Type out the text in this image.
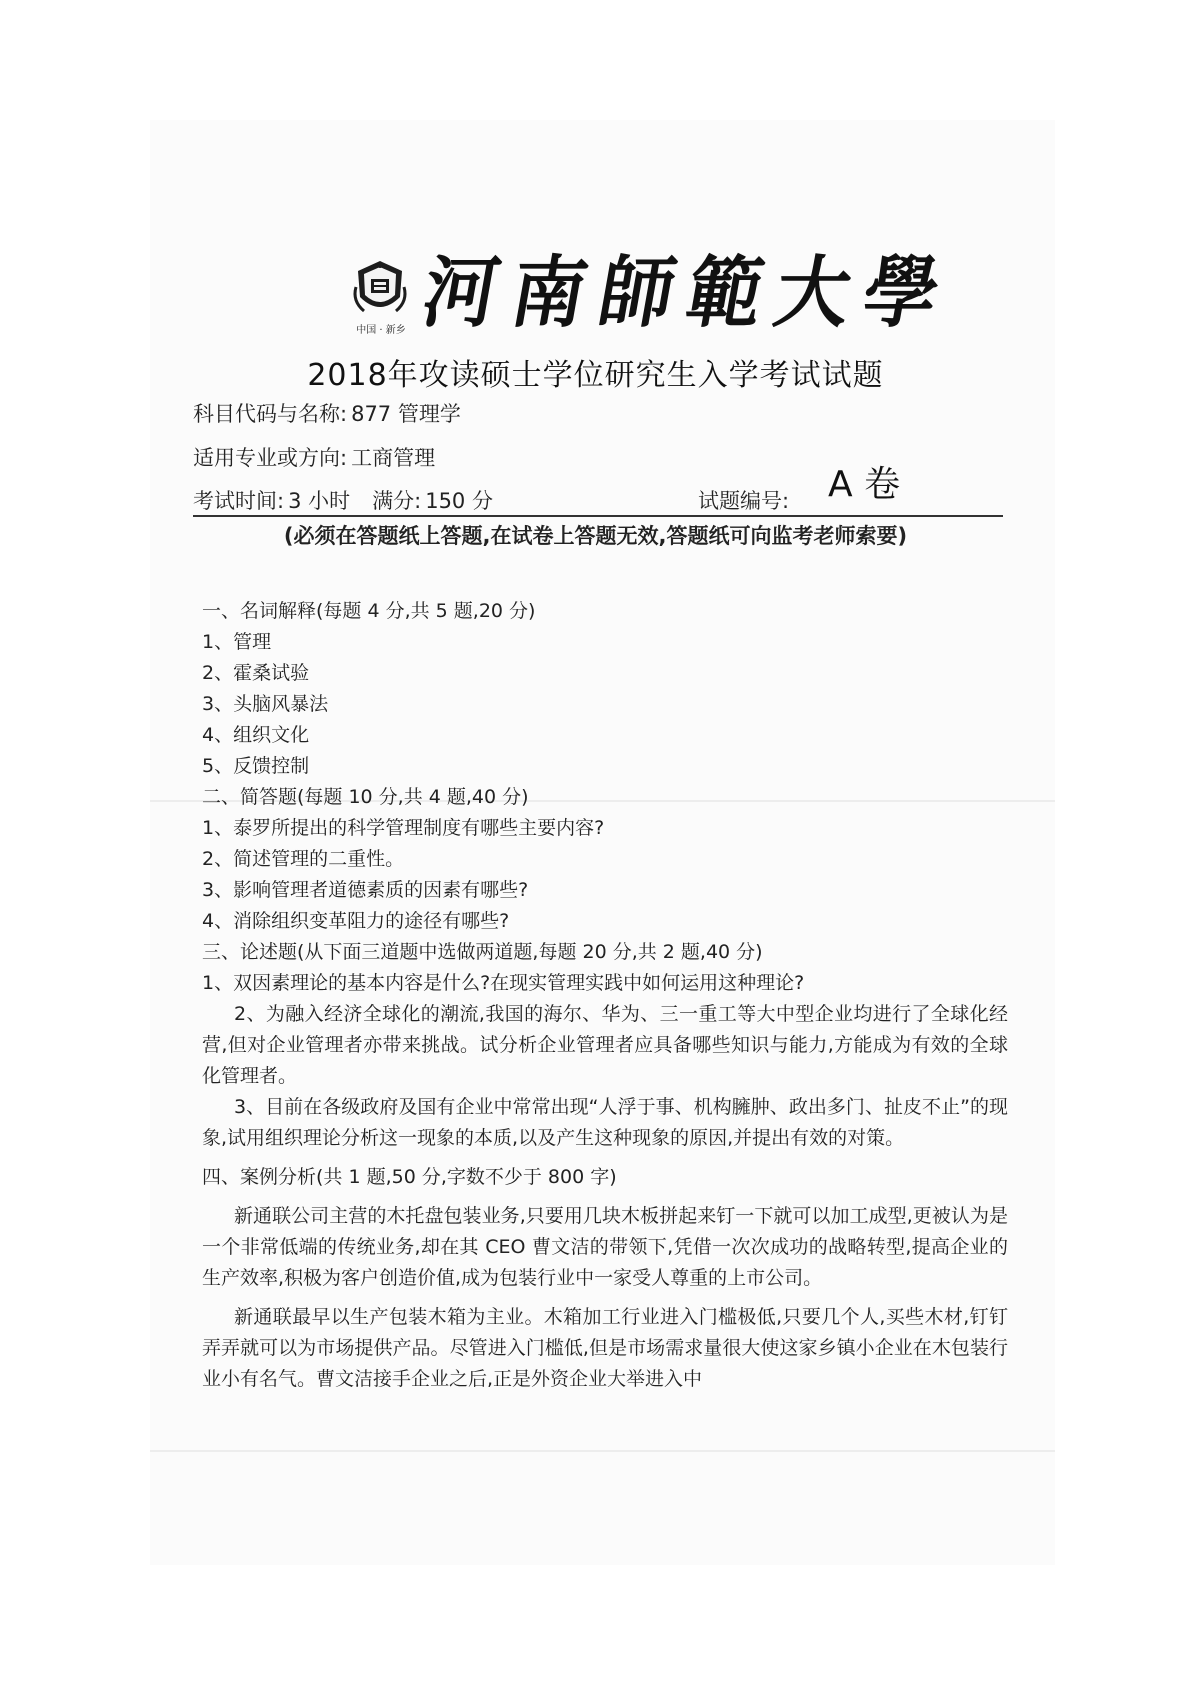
中国 · 新乡 河南師範大學
2018年攻读硕士学位研究生入学考试试题
科目代码与名称: 877 管理学
适用专业或方向: 工商管理
考试时间: 3 小时 满分: 150 分	试题编号: A 卷
(必须在答题纸上答题,在试卷上答题无效,答题纸可向监考老师索要)
一、名词解释(每题 4 分,共 5 题,20 分)
1、管理
2、霍桑试验
3、头脑风暴法
4、组织文化
5、反馈控制
二、简答题(每题 10 分,共 4 题,40 分)
1、泰罗所提出的科学管理制度有哪些主要内容?
2、简述管理的二重性。
3、影响管理者道德素质的因素有哪些?
4、消除组织变革阻力的途径有哪些?
三、论述题(从下面三道题中选做两道题,每题 20 分,共 2 题,40 分)
1、双因素理论的基本内容是什么?在现实管理实践中如何运用这种理论?
2、为融入经济全球化的潮流,我国的海尔、华为、三一重工等大中型企业均进行了全球化经营,但对企业管理者亦带来挑战。试分析企业管理者应具备哪些知识与能力,方能成为有效的全球化管理者。
3、目前在各级政府及国有企业中常常出现“人浮于事、机构臃肿、政出多门、扯皮不止”的现象,试用组织理论分析这一现象的本质,以及产生这种现象的原因,并提出有效的对策。
四、案例分析(共 1 题,50 分,字数不少于 800 字)
新通联公司主营的木托盘包装业务,只要用几块木板拼起来钉一下就可以加工成型,更被认为是一个非常低端的传统业务,却在其 CEO 曹文洁的带领下,凭借一次次成功的战略转型,提高企业的生产效率,积极为客户创造价值,成为包装行业中一家受人尊重的上市公司。
新通联最早以生产包装木箱为主业。木箱加工行业进入门槛极低,只要几个人,买些木材,钉钉弄弄就可以为市场提供产品。尽管进入门槛低,但是市场需求量很大使这家乡镇小企业在木包装行业小有名气。曹文洁接手企业之后,正是外资企业大举进入中
